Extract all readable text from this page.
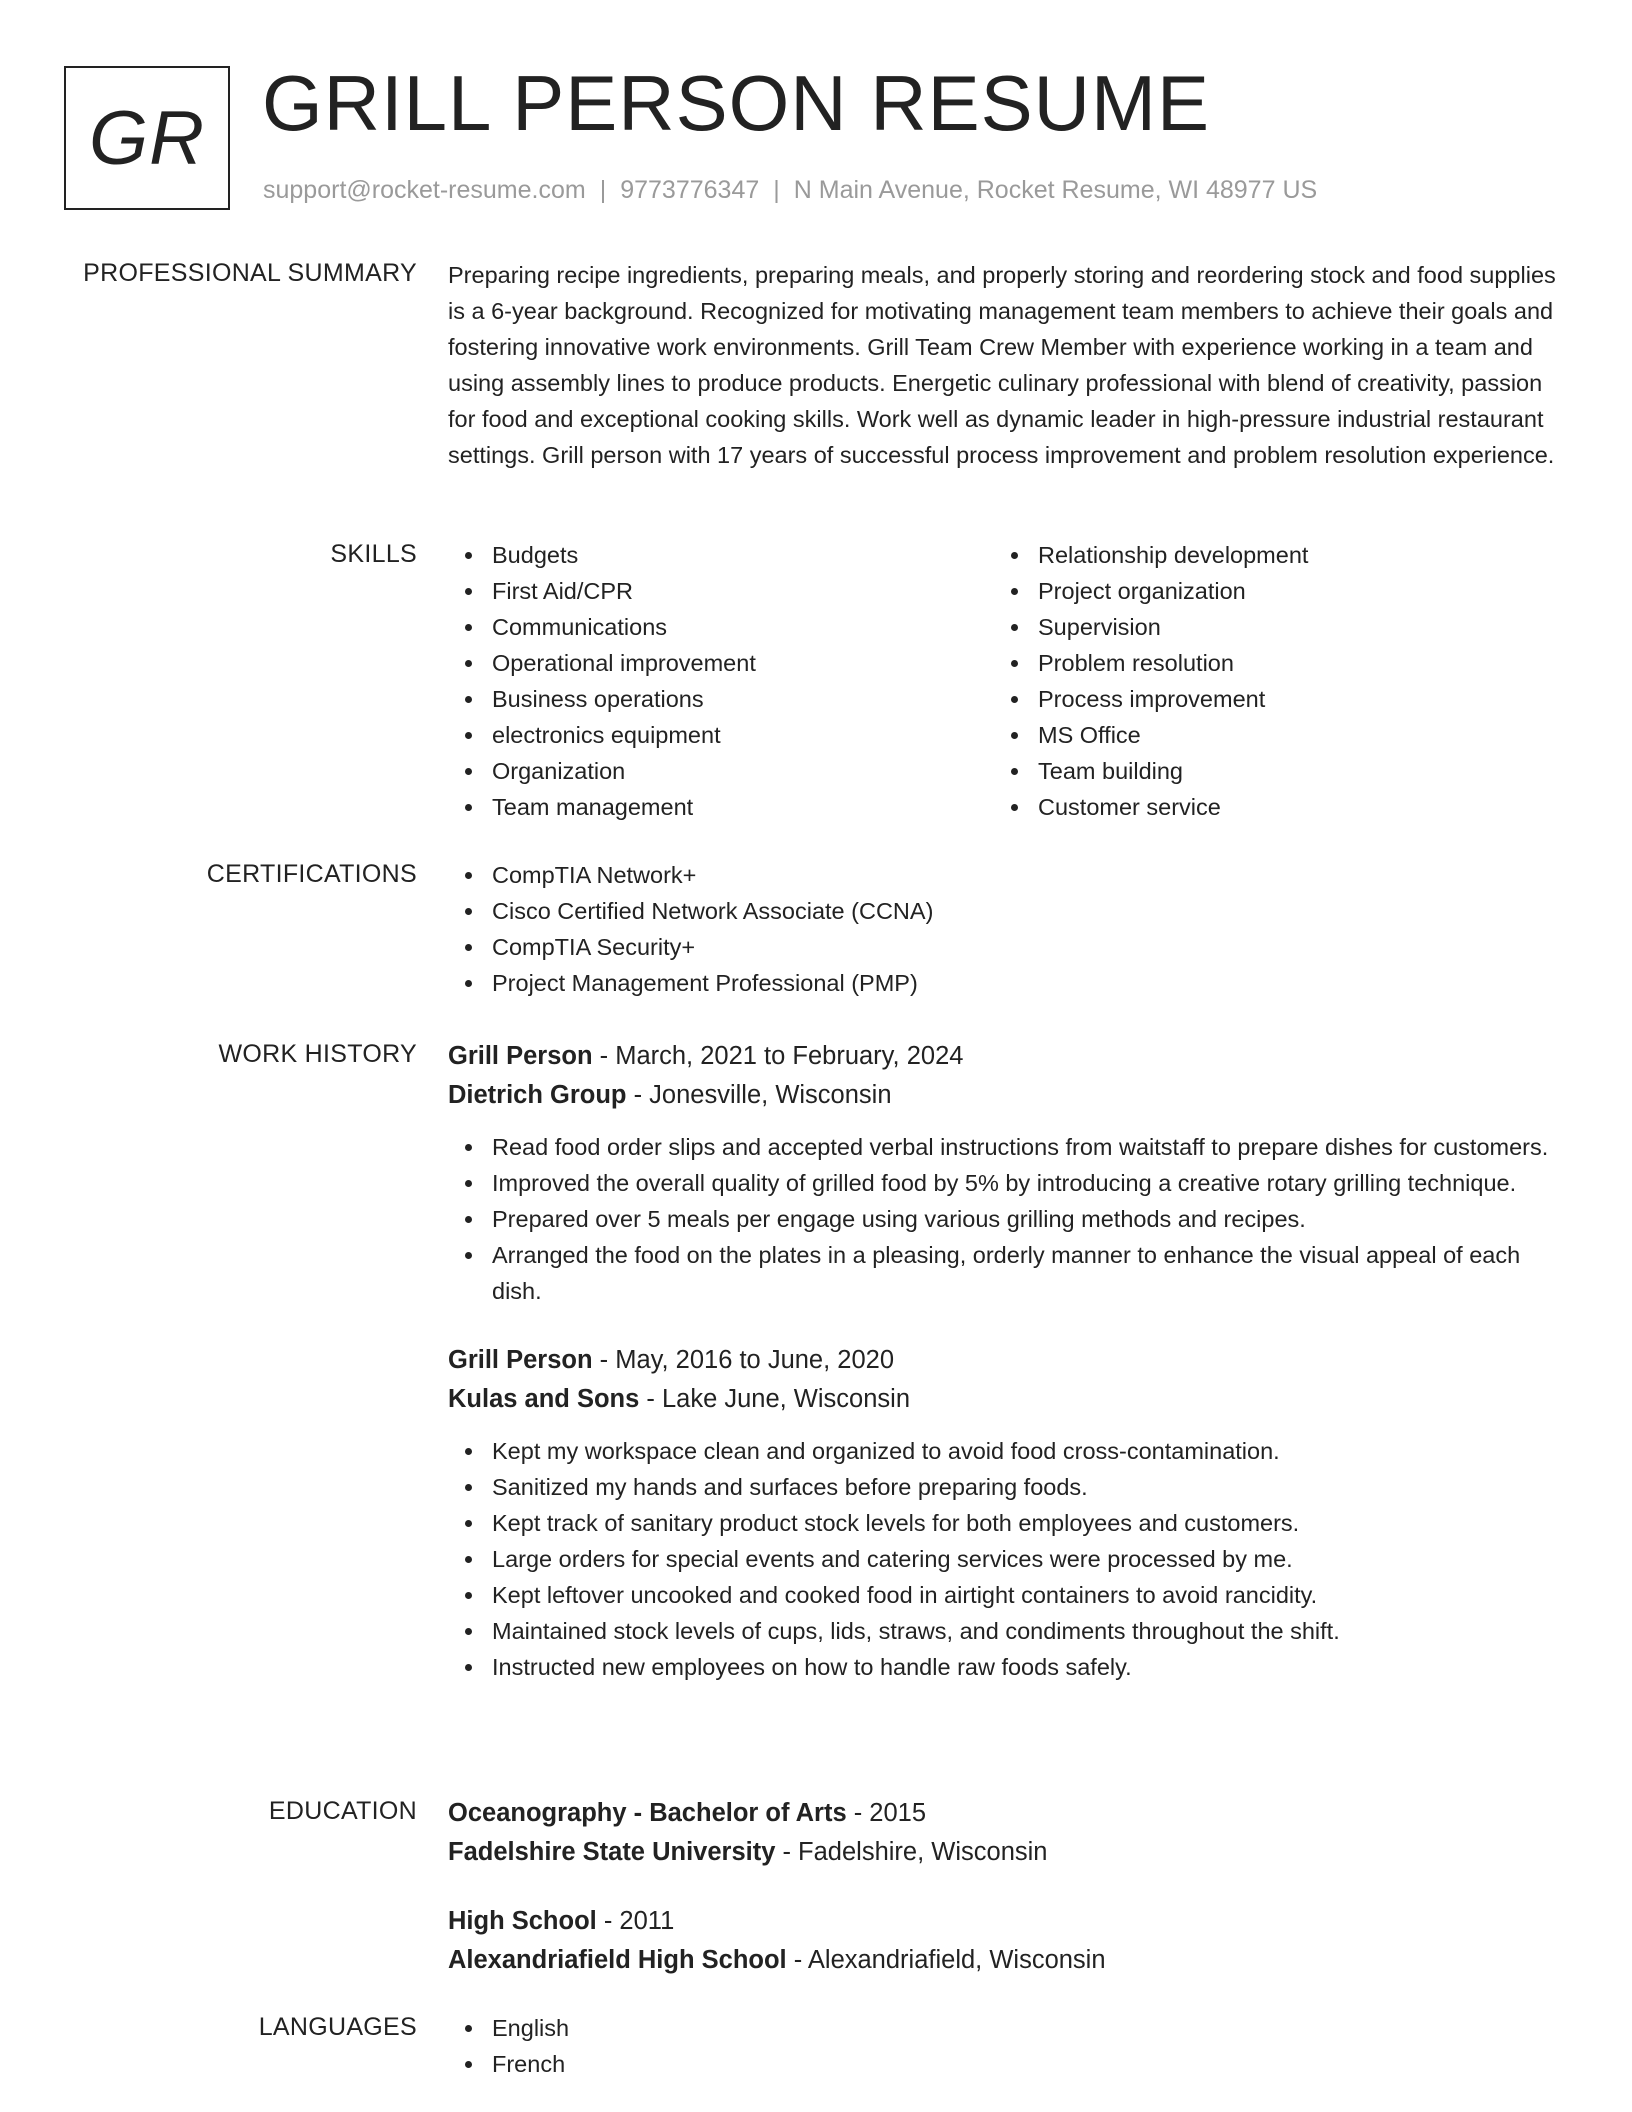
GR GRILL PERSON RESUME
support@rocket-resume.com | 9773776347 | N Main Avenue, Rocket Resume, WI 48977 US
PROFESSIONAL SUMMARY Preparing recipe ingredients, preparing meals, and properly storing and reordering stock and food supplies is a 6-year background. Recognized for motivating management team members to achieve their goals and fostering innovative work environments. Grill Team Crew Member with experience working in a team and using assembly lines to produce products. Energetic culinary professional with blend of creativity, passion for food and exceptional cooking skills. Work well as dynamic leader in high-pressure industrial restaurant settings. Grill person with 17 years of successful process improvement and problem resolution experience.
SKILLS	Budgets
First Aid/CPR
Communications
Operational improvement
Business operations
electronics equipment
Organization
Team management
Relationship development
Project organization
Supervision
Problem resolution
Process improvement
MS Office
Team building
Customer service
CERTIFICATIONS	CompTIA Network+
Cisco Certified Network Associate (CCNA)
CompTIA Security+
Project Management Professional (PMP)
WORK HISTORY Grill Person - March, 2021 to February, 2024
Dietrich Group - Jonesville, Wisconsin
Read food order slips and accepted verbal instructions from waitstaff to prepare dishes for customers.
Improved the overall quality of grilled food by 5% by introducing a creative rotary grilling technique.
Prepared over 5 meals per engage using various grilling methods and recipes.
Arranged the food on the plates in a pleasing, orderly manner to enhance the visual appeal of each dish.
Grill Person - May, 2016 to June, 2020
Kulas and Sons - Lake June, Wisconsin
Kept my workspace clean and organized to avoid food cross-contamination.
Sanitized my hands and surfaces before preparing foods.
Kept track of sanitary product stock levels for both employees and customers.
Large orders for special events and catering services were processed by me.
Kept leftover uncooked and cooked food in airtight containers to avoid rancidity.
Maintained stock levels of cups, lids, straws, and condiments throughout the shift.
Instructed new employees on how to handle raw foods safely.
EDUCATION Oceanography - Bachelor of Arts - 2015
Fadelshire State University - Fadelshire, Wisconsin
High School - 2011
Alexandriafield High School - Alexandriafield, Wisconsin
LANGUAGES	English
French
